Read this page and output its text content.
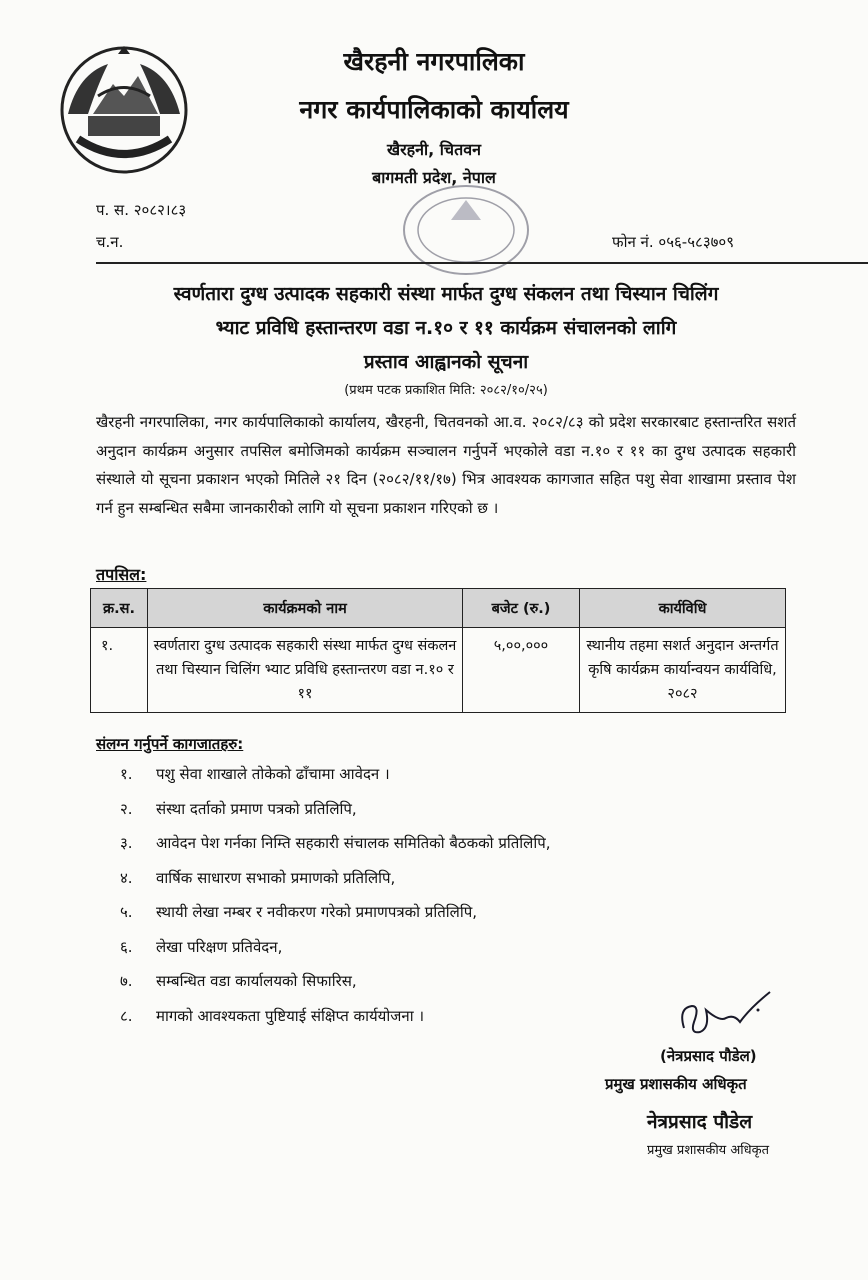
खैरहनी नगरपालिका
नगर कार्यपालिकाको कार्यालय
खैरहनी, चितवन
बागमती प्रदेश, नेपाल
प. स. २०८२।८३
च.न.	फोन नं. ०५६-५८३७०९
स्वर्णतारा दुग्ध उत्पादक सहकारी संस्था मार्फत दुग्ध संकलन तथा चिस्यान चिलिंग
भ्याट प्रविधि हस्तान्तरण वडा न.१० र ११ कार्यक्रम संचालनको लागि
प्रस्ताव आह्वानको सूचना
(प्रथम पटक प्रकाशित मिति: २०८२/१०/२५)
खैरहनी नगरपालिका, नगर कार्यपालिकाको कार्यालय, खैरहनी, चितवनको आ.व. २०८२/८३ को प्रदेश सरकारबाट हस्तान्तरित सशर्त अनुदान कार्यक्रम अनुसार तपसिल बमोजिमको कार्यक्रम सञ्चालन गर्नुपर्ने भएकोले वडा न.१० र ११ का दुग्ध उत्पादक सहकारी संस्थाले यो सूचना प्रकाशन भएको मितिले २१ दिन (२०८२/११/१७) भित्र आवश्यक कागजात सहित पशु सेवा शाखामा प्रस्ताव पेश गर्न हुन सम्बन्धित सबैमा जानकारीको लागि यो सूचना प्रकाशन गरिएको छ ।
तपसिल:
क्र.स.	कार्यक्रमको नाम	बजेट (रु.)	कार्यविधि
१.	स्वर्णतारा दुग्ध उत्पादक सहकारी संस्था मार्फत दुग्ध संकलन तथा चिस्यान चिलिंग भ्याट प्रविधि हस्तान्तरण वडा न.१० र ११	५,००,०००	स्थानीय तहमा सशर्त अनुदान अन्तर्गत कृषि कार्यक्रम कार्यान्वयन कार्यविधि, २०८२
संलग्न गर्नुपर्ने कागजातहरु:
१. पशु सेवा शाखाले तोकेको ढाँचामा आवेदन ।
२. संस्था दर्ताको प्रमाण पत्रको प्रतिलिपि,
३. आवेदन पेश गर्नका निम्ति सहकारी संचालक समितिको बैठकको प्रतिलिपि,
४. वार्षिक साधारण सभाको प्रमाणको प्रतिलिपि,
५. स्थायी लेखा नम्बर र नवीकरण गरेको प्रमाणपत्रको प्रतिलिपि,
६. लेखा परिक्षण प्रतिवेदन,
७. सम्बन्धित वडा कार्यालयको सिफारिस,
८. मागको आवश्यकता पुष्टियाई संक्षिप्त कार्ययोजना ।
(नेत्रप्रसाद पौडेल)
प्रमुख प्रशासकीय अधिकृत
नेत्रप्रसाद पौडेल
प्रमुख प्रशासकीय अधिकृत
